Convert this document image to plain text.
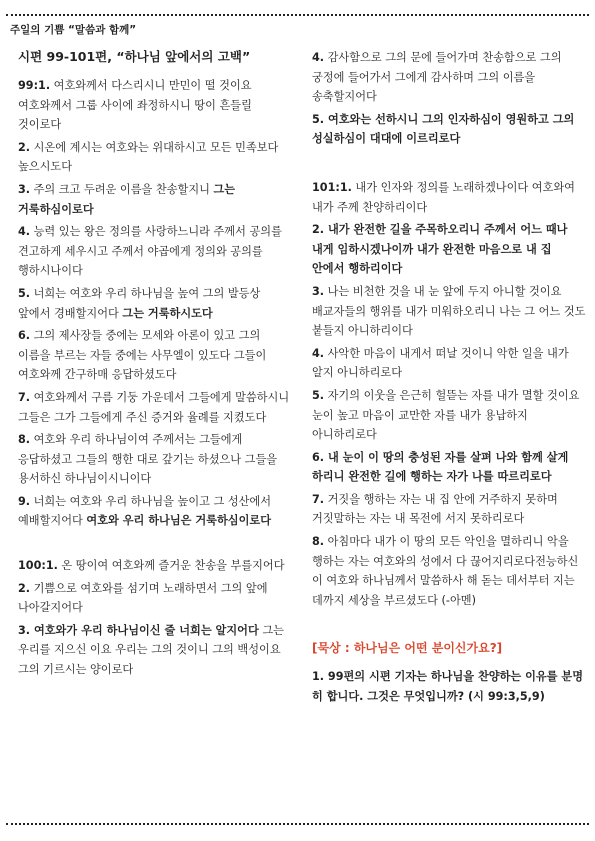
주일의 기쁨 “말씀과 함께”
시편 99-101편, “하나님 앞에서의 고백”
99:1. 여호와께서 다스리시니 만민이 떨 것이요 여호와께서 그룹 사이에 좌정하시니 땅이 흔들릴 것이로다
2. 시온에 계시는 여호와는 위대하시고 모든 민족보다 높으시도다
3. 주의 크고 두려운 이름을 찬송할지니 그는 거룩하심이로다
4. 능력 있는 왕은 정의를 사랑하느니라 주께서 공의를 견고하게 세우시고 주께서 야곱에게 정의와 공의를 행하시나이다
5. 너희는 여호와 우리 하나님을 높여 그의 발등상 앞에서 경배할지어다 그는 거룩하시도다
6. 그의 제사장들 중에는 모세와 아론이 있고 그의 이름을 부르는 자들 중에는 사무엘이 있도다 그들이 여호와께 간구하매 응답하셨도다
7. 여호와께서 구름 기둥 가운데서 그들에게 말씀하시니 그들은 그가 그들에게 주신 증거와 율례를 지켰도다
8. 여호와 우리 하나님이여 주께서는 그들에게 응답하셨고 그들의 행한 대로 갚기는 하셨으나 그들을 용서하신 하나님이시니이다
9. 너희는 여호와 우리 하나님을 높이고 그 성산에서 예배할지어다 여호와 우리 하나님은 거룩하심이로다
100:1. 온 땅이여 여호와께 즐거운 찬송을 부를지어다
2. 기쁨으로 여호와를 섬기며 노래하면서 그의 앞에 나아갈지어다
3. 여호와가 우리 하나님이신 줄 너희는 알지어다 그는 우리를 지으신 이요 우리는 그의 것이니 그의 백성이요 그의 기르시는 양이로다
4. 감사함으로 그의 문에 들어가며 찬송함으로 그의 궁정에 들어가서 그에게 감사하며 그의 이름을 송축할지어다
5. 여호와는 선하시니 그의 인자하심이 영원하고 그의 성실하심이 대대에 이르리로다
101:1. 내가 인자와 정의를 노래하겠나이다 여호와여 내가 주께 찬양하리이다
2. 내가 완전한 길을 주목하오리니 주께서 어느 때나 내게 임하시겠나이까 내가 완전한 마음으로 내 집 안에서 행하리이다
3. 나는 비천한 것을 내 눈 앞에 두지 아니할 것이요 배교자들의 행위를 내가 미워하오리니 나는 그 어느 것도 붙들지 아니하리이다
4. 사악한 마음이 내게서 떠날 것이니 악한 일을 내가 알지 아니하리로다
5. 자기의 이웃을 은근히 헐뜯는 자를 내가 멸할 것이요 눈이 높고 마음이 교만한 자를 내가 용납하지 아니하리로다
6. 내 눈이 이 땅의 충성된 자를 살펴 나와 함께 살게 하리니 완전한 길에 행하는 자가 나를 따르리로다
7. 거짓을 행하는 자는 내 집 안에 거주하지 못하며 거짓말하는 자는 내 목전에 서지 못하리로다
8. 아침마다 내가 이 땅의 모든 악인을 멸하리니 악을 행하는 자는 여호와의 성에서 다 끊어지리로다전능하신 이 여호와 하나님께서 말씀하사 해 돋는 데서부터 지는 데까지 세상을 부르셨도다 (-아멘)
[묵상 : 하나님은 어떤 분이신가요?]
1. 99편의 시편 기자는 하나님을 찬양하는 이유를 분명히 합니다. 그것은 무엇입니까? (시 99:3,5,9)
